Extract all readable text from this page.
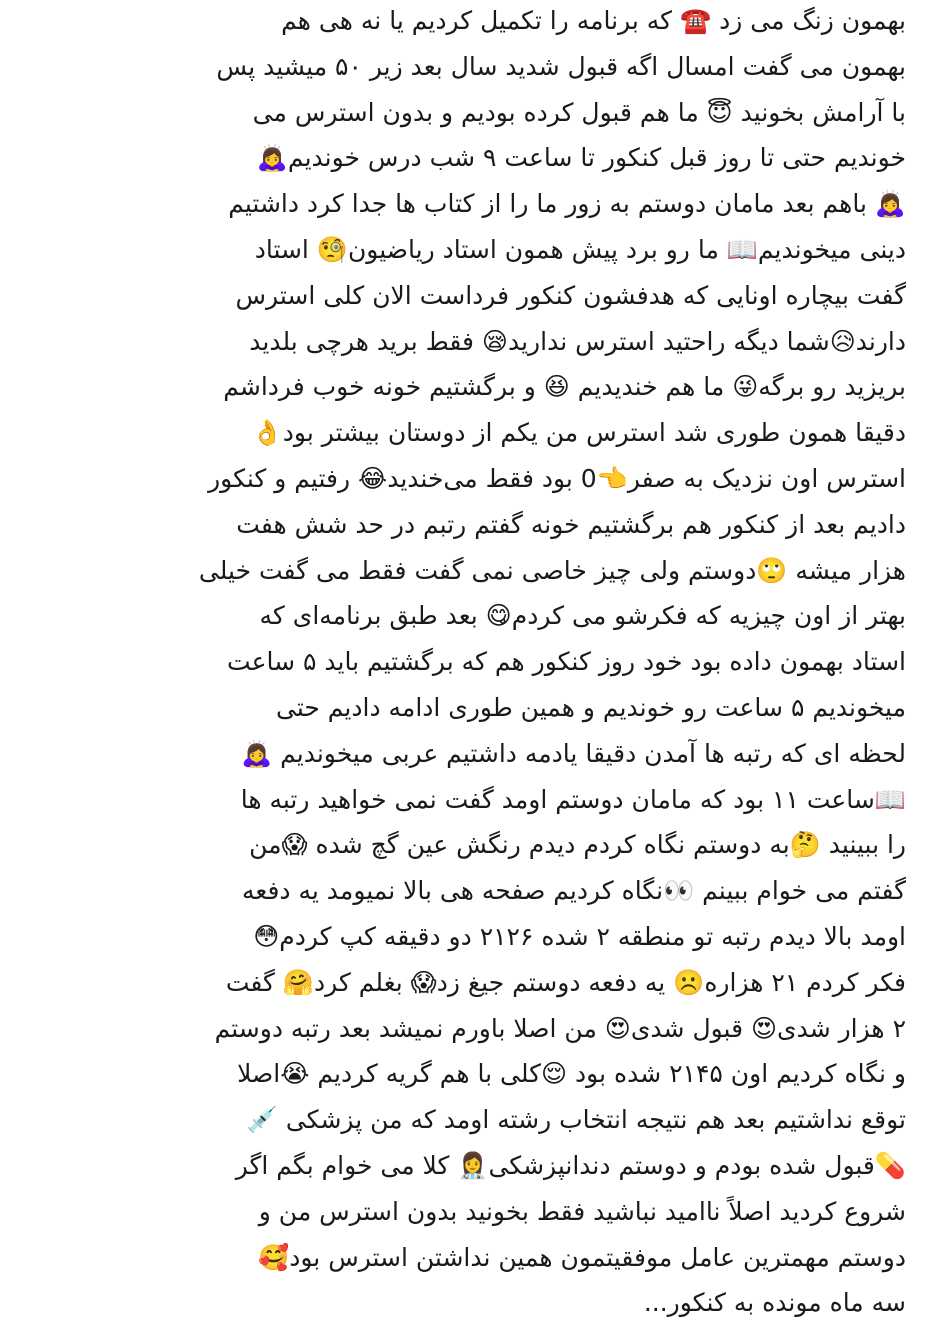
بهمون زنگ می زد ☎️ که برنامه را تکمیل کردیم یا نه هی هم
بهمون می گفت امسال اگه قبول شدید سال بعد زیر ۵۰ میشید پس
با آرامش بخونید 😇 ما هم قبول کرده بودیم و بدون استرس می
خوندیم حتی تا روز قبل کنکور تا ساعت ۹ شب درس خوندیم🙇‍♀️
🙇‍♀️ باهم بعد مامان دوستم به زور ما را از کتاب ها جدا کرد داشتیم
دینی میخوندیم📖 ما رو برد پیش همون استاد ریاضیون🧐 استاد
گفت بیچاره اونایی که هدفشون کنکور فرداست الان کلی استرس
دارند😥شما دیگه راحتید استرس ندارید😪 فقط برید هرچی بلدید
بریزید رو برگه😜 ما هم خندیدیم 😆 و برگشتیم خونه خوب فرداشم
دقیقا همون طوری شد استرس من یکم از دوستان بیشتر بود👌
استرس اون نزدیک به صفر👈0 بود فقط می‌خندید😂 رفتیم و کنکور
دادیم بعد از کنکور هم برگشتیم خونه گفتم رتبم در حد شش هفت
هزار میشه 🙄دوستم ولی چیز خاصی نمی گفت فقط می گفت خیلی
بهتر از اون چیزیه که فکرشو می کردم😋 بعد طبق برنامه‌ای که
استاد بهمون داده بود خود روز کنکور هم که برگشتیم باید ۵ ساعت
میخوندیم ۵ ساعت رو خوندیم و همین طوری ادامه دادیم حتی
لحظه ای که رتبه ها آمدن دقیقا یادمه داشتیم عربی میخوندیم 🙇‍♀️
📖ساعت ۱۱ بود که مامان دوستم اومد گفت نمی خواهید رتبه ها
را ببینید 🤔به دوستم نگاه کردم دیدم رنگش عین گچ شده 😱من
گفتم می خوام ببینم 👀نگاه کردیم صفحه هی بالا نمیومد یه دفعه
اومد بالا دیدم رتبه تو منطقه ۲ شده ۲۱۲۶ دو دقیقه کپ کردم😳
فکر کردم ۲۱ هزاره☹️ یه دفعه دوستم جیغ زد😱 بغلم کرد🤗 گفت
۲ هزار شدی😍 قبول شدی😍 من اصلا باورم نمیشد بعد رتبه دوستم
و نگاه کردیم اون ۲۱۴۵ شده بود 😌کلی با هم گریه کردیم 😭اصلا
توقع نداشتیم بعد هم نتیجه انتخاب رشته اومد که من پزشکی 💉
💊قبول شده بودم و دوستم دندانپزشکی👩‍⚕️ کلا می خوام بگم اگر
شروع کردید اصلاً ناامید نباشید فقط بخونید بدون استرس من و
دوستم مهمترین عامل موفقیتمون همین نداشتن استرس بود🥰
سه ماه مونده به کنکور...
